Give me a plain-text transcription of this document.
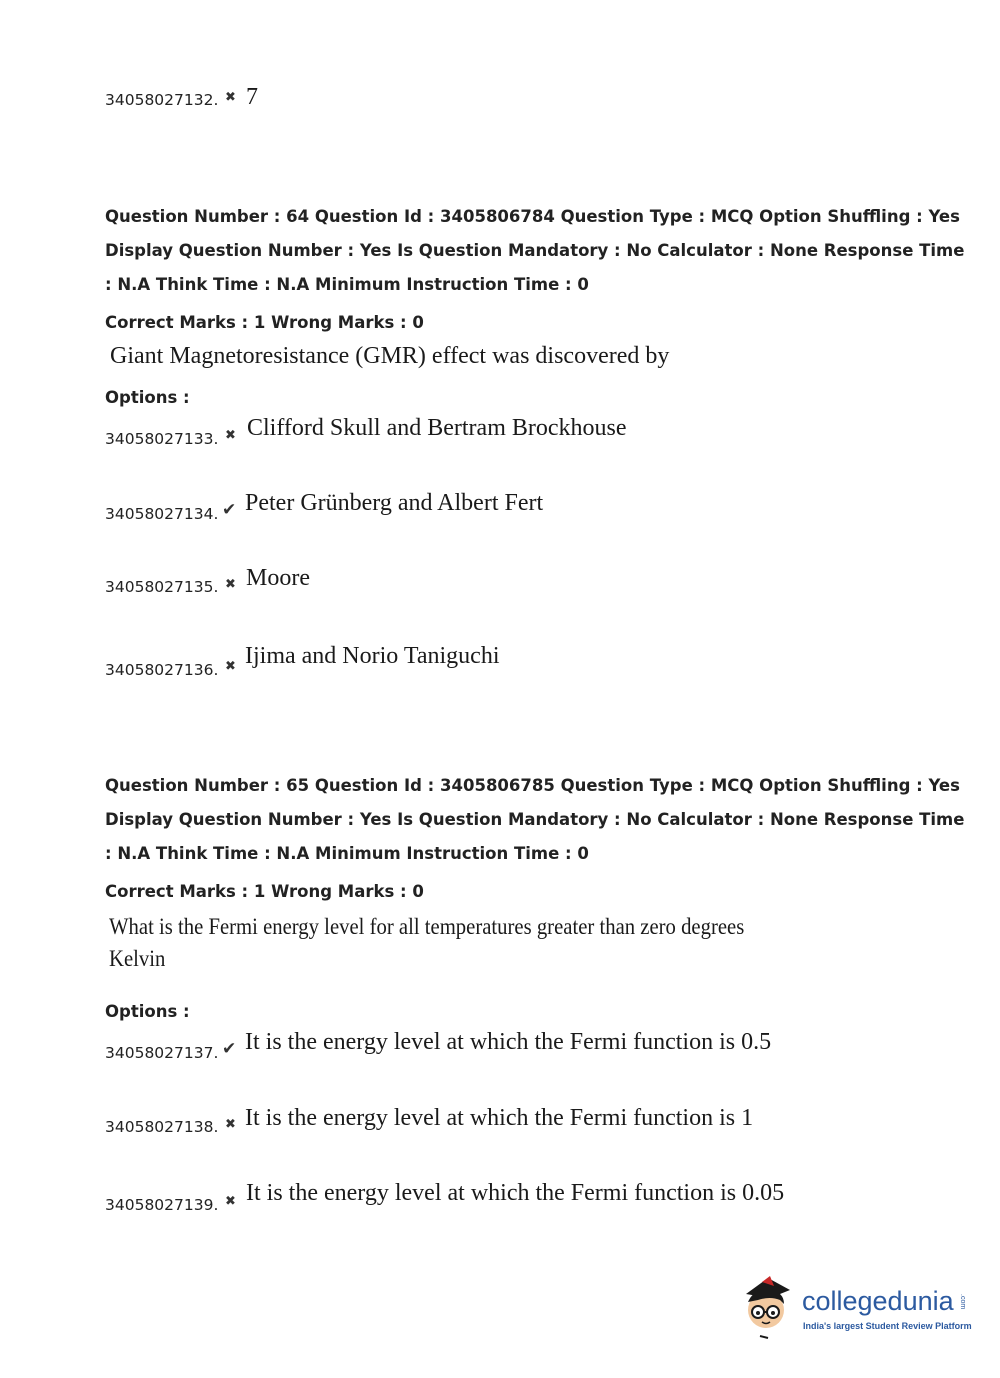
34058027132. ✖ 7
Question Number : 64 Question Id : 3405806784 Question Type : MCQ Option Shuffling : Yes
Display Question Number : Yes Is Question Mandatory : No Calculator : None Response Time
: N.A Think Time : N.A Minimum Instruction Time : 0
Correct Marks : 1 Wrong Marks : 0
Giant Magnetoresistance (GMR) effect was discovered by
Options :
34058027133. ✖ Clifford Skull and Bertram Brockhouse
34058027134. ✔ Peter Grünberg and Albert Fert
34058027135. ✖ Moore
34058027136. ✖ Ijima and Norio Taniguchi
Question Number : 65 Question Id : 3405806785 Question Type : MCQ Option Shuffling : Yes
Display Question Number : Yes Is Question Mandatory : No Calculator : None Response Time
: N.A Think Time : N.A Minimum Instruction Time : 0
Correct Marks : 1 Wrong Marks : 0
What is the Fermi energy level for all temperatures greater than zero degrees
Kelvin
Options :
34058027137. ✔ It is the energy level at which the Fermi function is 0.5
34058027138. ✖ It is the energy level at which the Fermi function is 1
34058027139. ✖ It is the energy level at which the Fermi function is 0.05
collegedunia .com
India's largest Student Review Platform
